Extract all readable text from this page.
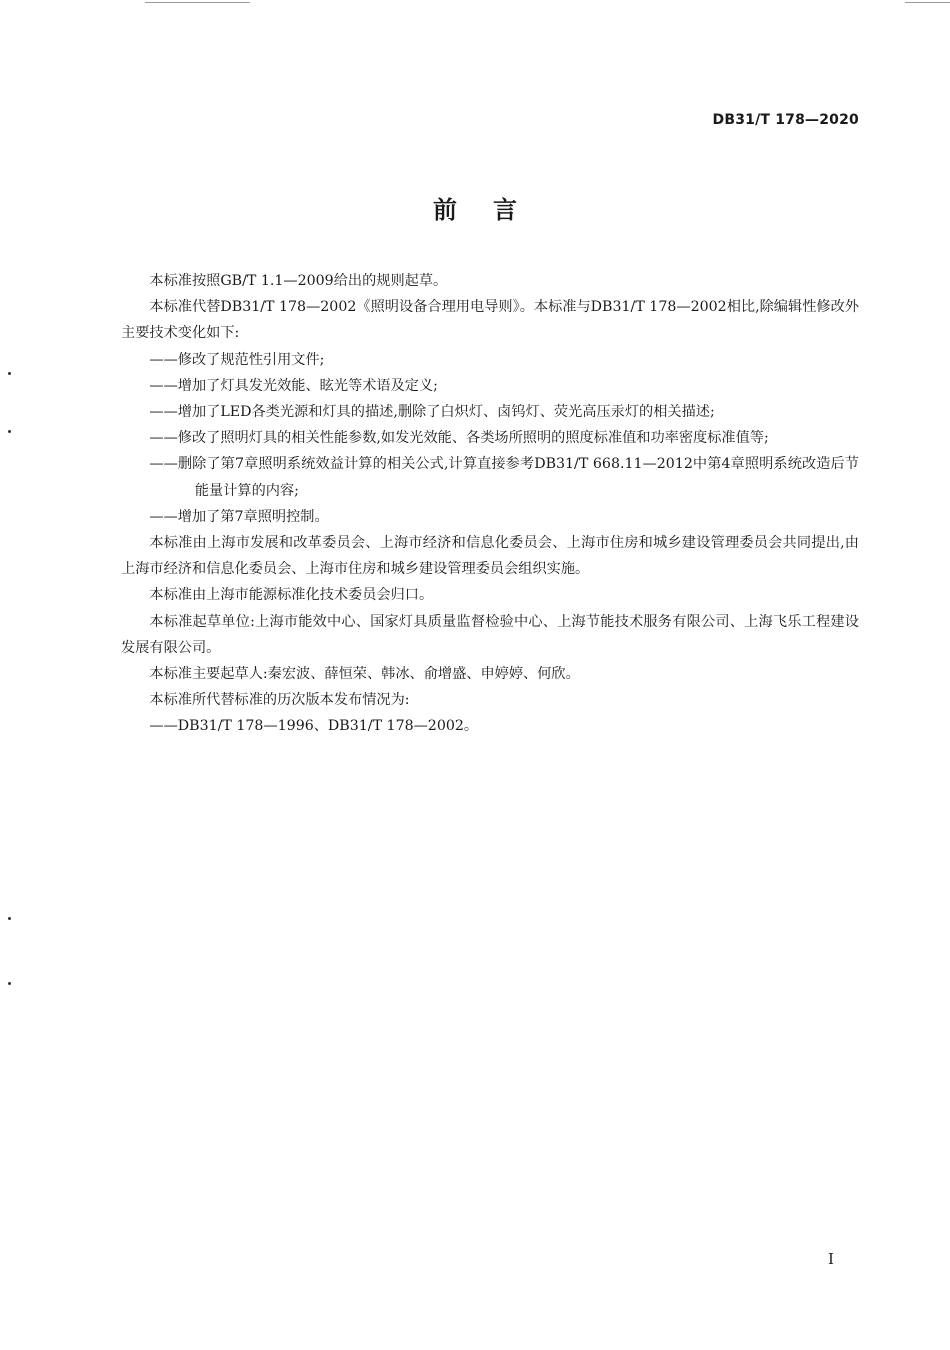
DB31/T 178—2020
前言

本标准按照GB/T 1.1—2009给出的规则起草。

本标准代替DB31/T 178—2002《照明设备合理用电导则》。本标准与DB31/T 178—2002相比,除编辑性修改外主要技术变化如下:

——修改了规范性引用文件;

——增加了灯具发光效能、眩光等术语及定义;

——增加了LED各类光源和灯具的描述,删除了白炽灯、卤钨灯、荧光高压汞灯的相关描述;

——修改了照明灯具的相关性能参数,如发光效能、各类场所照明的照度标准值和功率密度标准值等;

——删除了第7章照明系统效益计算的相关公式,计算直接参考DB31/T 668.11—2012中第4章照明系统改造后节能量计算的内容;

——增加了第7章照明控制。

本标准由上海市发展和改革委员会、上海市经济和信息化委员会、上海市住房和城乡建设管理委员会共同提出,由上海市经济和信息化委员会、上海市住房和城乡建设管理委员会组织实施。

本标准由上海市能源标准化技术委员会归口。

本标准起草单位:上海市能效中心、国家灯具质量监督检验中心、上海节能技术服务有限公司、上海飞乐工程建设发展有限公司。

本标准主要起草人:秦宏波、薛恒荣、韩冰、俞增盛、申婷婷、何欣。

本标准所代替标准的历次版本发布情况为:

——DB31/T 178—1996、DB31/T 178—2002。

I
